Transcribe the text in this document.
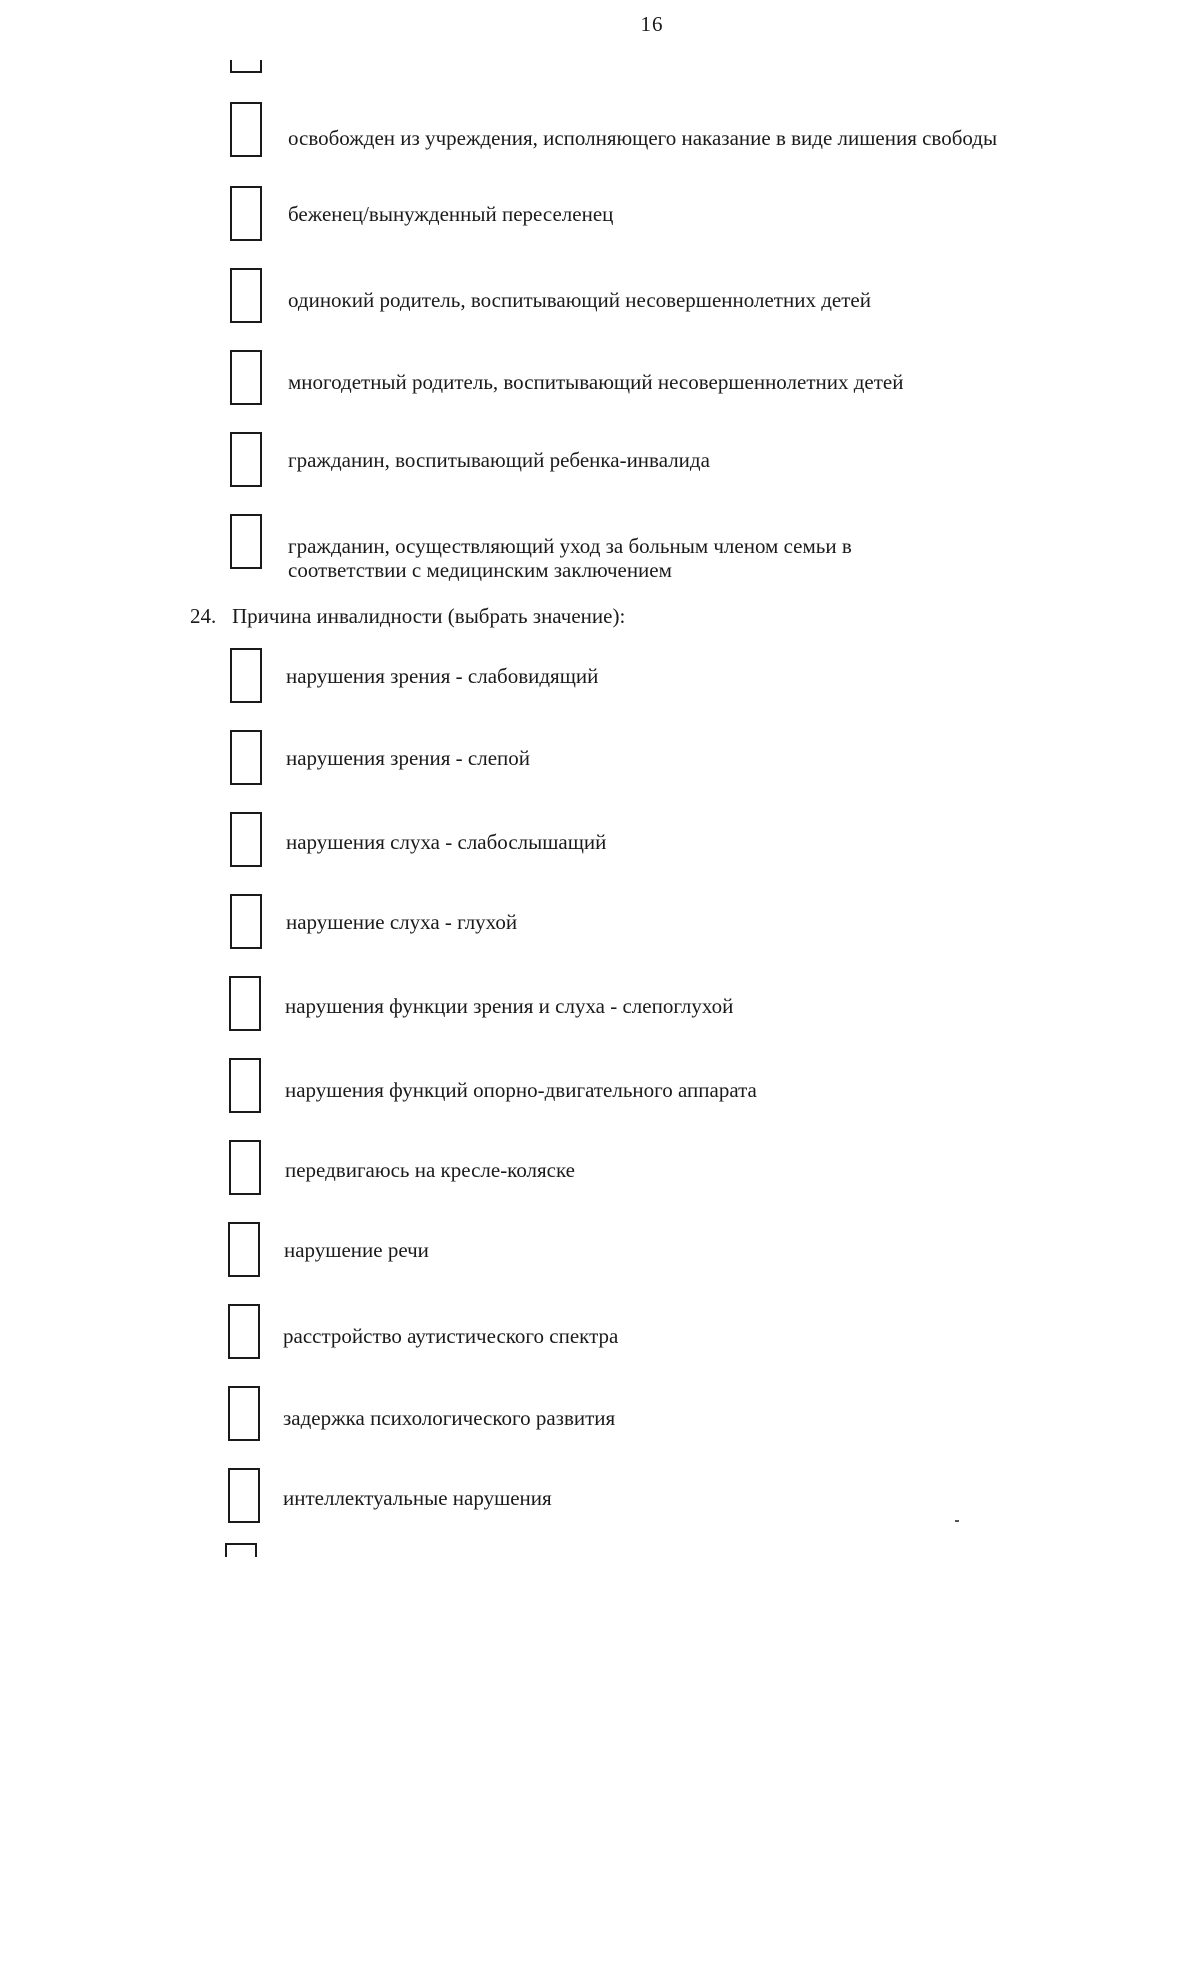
16
освобожден из учреждения, исполняющего наказание в виде лишения свободы
беженец/вынужденный переселенец
одинокий родитель, воспитывающий несовершеннолетних детей
многодетный родитель, воспитывающий несовершеннолетних детей
гражданин, воспитывающий ребенка-инвалида
гражданин, осуществляющий уход за больным членом семьи в соответствии с медицинским заключением
24. Причина инвалидности (выбрать значение):
нарушения зрения - слабовидящий
нарушения зрения - слепой
нарушения слуха - слабослышащий
нарушение слуха - глухой
нарушения функции зрения и слуха - слепоглухой
нарушения функций опорно-двигательного аппарата
передвигаюсь на кресле-коляске
нарушение речи
расстройство аутистического спектра
задержка психологического развития
интеллектуальные нарушения
